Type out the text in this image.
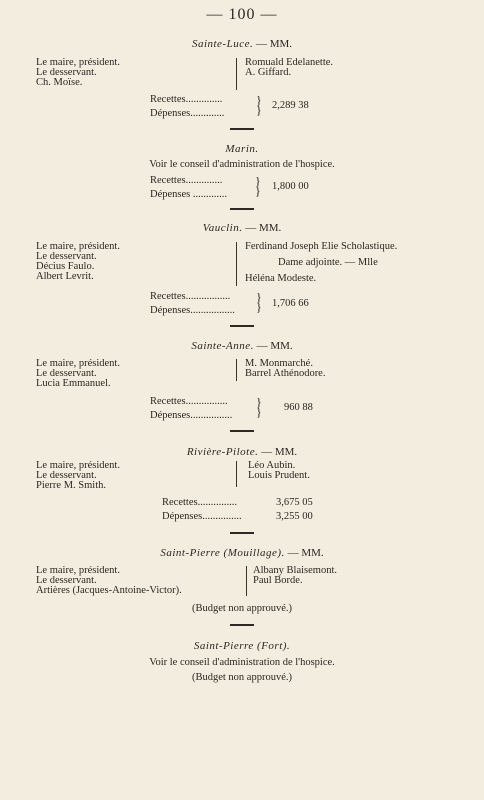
— 100 —
Sainte-Luce. — MM.
Le maire, président.
Le desservant.
Ch. Moïse.
Romuald Edelanette.
A. Giffard.
Recettes..............
Dépenses.............
}
} 2,289 38
Marin.
Voir le conseil d'administration de l'hospice.
Recettes..............
Dépenses .............
}
} 1,800 00
Vauclin. — MM.
Le maire, président.
Le desservant.
Décius Faulo.
Albert Levrit.
Ferdinand Joseph Elie Scholastique.
Dame adjointe. — Mlle
Héléna Modeste.
Recettes.................
Dépenses.................
}
} 1,706 66
Sainte-Anne. — MM.
Le maire, président.
Le desservant.
Lucia Emmanuel.
M. Monmarché.
Barrel Athénodore.
Recettes................
Dépenses................
}
} 960 88
Rivière-Pilote. — MM.
Le maire, président.
Le desservant.
Pierre M. Smith.
Léo Aubin.
Louis Prudent.
Recettes...............
Dépenses...............
3,675 05
3,255 00
Saint-Pierre (Mouillage). — MM.
Le maire, président.
Le desservant.
Artières (Jacques-Antoine-Victor).
Albany Blaisemont.
Paul Borde.
(Budget non approuvé.)
Saint-Pierre (Fort).
Voir le conseil d'administration de l'hospice.
(Budget non approuvé.)
